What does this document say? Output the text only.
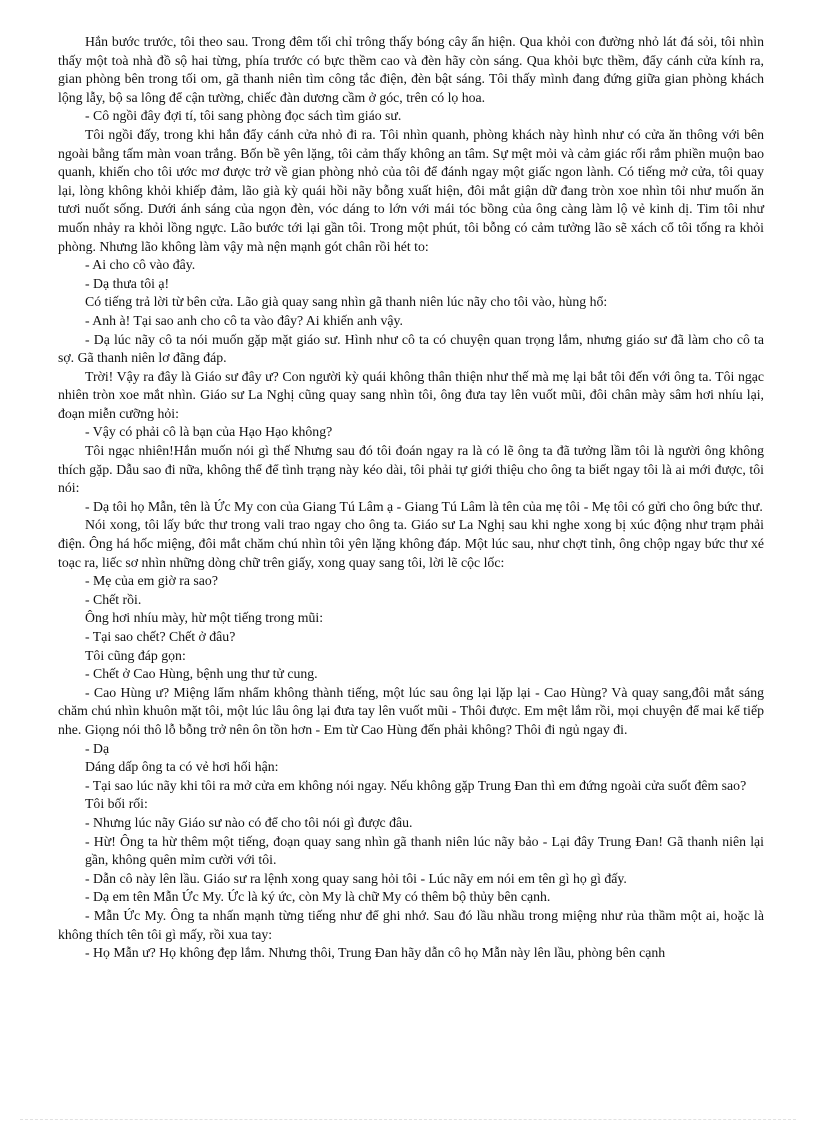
Hắn bước trước, tôi theo sau. Trong đêm tối chỉ trông thấy bóng cây ẩn hiện. Qua khỏi con đường nhỏ lát đá sỏi, tôi nhìn thấy một toà nhà đồ sộ hai từng, phía trước có bực thềm cao và đèn hãy còn sáng. Qua khỏi bực thềm, đẩy cánh cửa kính ra, gian phòng bên trong tối om, gã thanh niên tìm công tắc điện, đèn bật sáng. Tôi thấy mình đang đứng giữa gian phòng khách lộng lẫy, bộ sa lông để cận tường, chiếc đàn dương cầm ở góc, trên có lọ hoa.

- Cô ngồi đây đợi tí, tôi sang phòng đọc sách tìm giáo sư.

Tôi ngồi đấy, trong khi hắn đẩy cánh cửa nhỏ đi ra. Tôi nhìn quanh, phòng khách này hình như có cửa ăn thông với bên ngoài bằng tấm màn voan trắng. Bốn bề yên lặng, tôi cảm thấy không an tâm. Sự mệt mỏi và cảm giác rối rắm phiền muộn bao quanh, khiến cho tôi ước mơ được trở về gian phòng nhỏ của tôi để đánh ngay một giấc ngon lành. Có tiếng mở cửa, tôi quay lại, lòng không khỏi khiếp đảm, lão già kỳ quái hồi nãy bỗng xuất hiện, đôi mắt giận dữ đang tròn xoe nhìn tôi như muốn ăn tươi nuốt sống. Dưới ánh sáng của ngọn đèn, vóc dáng to lớn với mái tóc bồng của ông càng làm lộ vẻ kinh dị. Tim tôi như muốn nhảy ra khỏi lồng ngực. Lão bước tới lại gần tôi. Trong một phút, tôi bỗng có cảm tưởng lão sẽ xách cổ tôi tống ra khỏi phòng. Nhưng lão không làm vậy mà nện mạnh gót chân rồi hét to:

- Ai cho cô vào đây.

- Dạ thưa tôi ạ!

Có tiếng trả lời từ bên cửa. Lão già quay sang nhìn gã thanh niên lúc nãy cho tôi vào, hùng hổ:

- Anh à! Tại sao anh cho cô ta vào đây? Ai khiến anh vậy.

- Dạ lúc nãy cô ta nói muốn gặp mặt giáo sư. Hình như cô ta có chuyện quan trọng lắm, nhưng giáo sư đã làm cho cô ta sợ. Gã thanh niên lơ đãng đáp.

Trời! Vậy ra đây là Giáo sư đây ư? Con người kỳ quái không thân thiện như thế mà mẹ lại bắt tôi đến với ông ta. Tôi ngạc nhiên tròn xoe mắt nhìn. Giáo sư La Nghị cũng quay sang nhìn tôi, ông đưa tay lên vuốt mũi, đôi chân mày sâm hơi nhíu lại, đoạn miễn cưỡng hỏi:

- Vậy có phải cô là bạn của Hạo Hạo không?

Tôi ngạc nhiên!Hắn muốn nói gì thế Nhưng sau đó tôi đoán ngay ra là có lẽ ông ta đã tưởng lầm tôi là người ông không thích gặp. Dẫu sao đi nữa, không thể để tình trạng này kéo dài, tôi phải tự giới thiệu cho ông ta biết ngay tôi là ai mới được, tôi nói:

- Dạ tôi họ Mẫn, tên là Ức My con của Giang Tú Lâm ạ - Giang Tú Lâm là tên của mẹ tôi - Mẹ tôi có gửi cho ông bức thư.

Nói xong, tôi lấy bức thư trong vali trao ngay cho ông ta. Giáo sư La Nghị sau khi nghe xong bị xúc động như trạm phải điện. Ông há hốc miệng, đôi mắt chăm chú nhìn tôi yên lặng không đáp. Một lúc sau, như chợt tỉnh, ông chộp ngay bức thư xé toạc ra, liếc sơ nhìn những dòng chữ trên giấy, xong quay sang tôi, lời lẽ cộc lốc:

- Mẹ của em giờ ra sao?

- Chết rồi.

Ông hơi nhíu mày, hừ một tiếng trong mũi:

- Tại sao chết? Chết ở đâu?

Tôi cũng đáp gọn:

- Chết ở Cao Hùng, bệnh ung thư tử cung.

- Cao Hùng ư? Miệng lẩm nhẩm không thành tiếng, một lúc sau ông lại lặp lại - Cao Hùng? Và quay sang,đôi mắt sáng chăm chú nhìn khuôn mặt tôi, một lúc lâu ông lại đưa tay lên vuốt mũi - Thôi được. Em mệt lắm rồi, mọi chuyện để mai kể tiếp nhe. Giọng nói thô lỗ bỗng trở nên ôn tồn hơn - Em từ Cao Hùng đến phải không? Thôi đi ngủ ngay đi.

- Dạ

Dáng dấp ông ta có vẻ hơi hối hận:

- Tại sao lúc nãy khi tôi ra mở cửa em không nói ngay. Nếu không gặp Trung Đan thì em đứng ngoài cửa suốt đêm sao?

Tôi bối rối:

- Nhưng lúc nãy Giáo sư nào có để cho tôi nói gì được đâu.

- Hừ! Ông ta hừ thêm một tiếng, đoạn quay sang nhìn gã thanh niên lúc nãy bảo - Lại đây Trung Đan! Gã thanh niên lại gần, không quên mỉm cười với tôi.

- Dẫn cô này lên lầu. Giáo sư ra lệnh xong quay sang hỏi tôi - Lúc nãy em nói em tên gì họ gì đấy.

- Dạ em tên Mẫn Ức My. Ức là ký ức, còn My là chữ My có thêm bộ thủy bên cạnh.

- Mẫn Ức My. Ông ta nhấn mạnh từng tiếng như để ghi nhớ. Sau đó lầu nhầu trong miệng như rủa thầm một ai, hoặc là không thích tên tôi gì mấy, rồi xua tay:

- Họ Mẫn ư? Họ không đẹp lắm. Nhưng thôi, Trung Đan hãy dẫn cô họ Mẫn này lên lầu, phòng bên cạnh
